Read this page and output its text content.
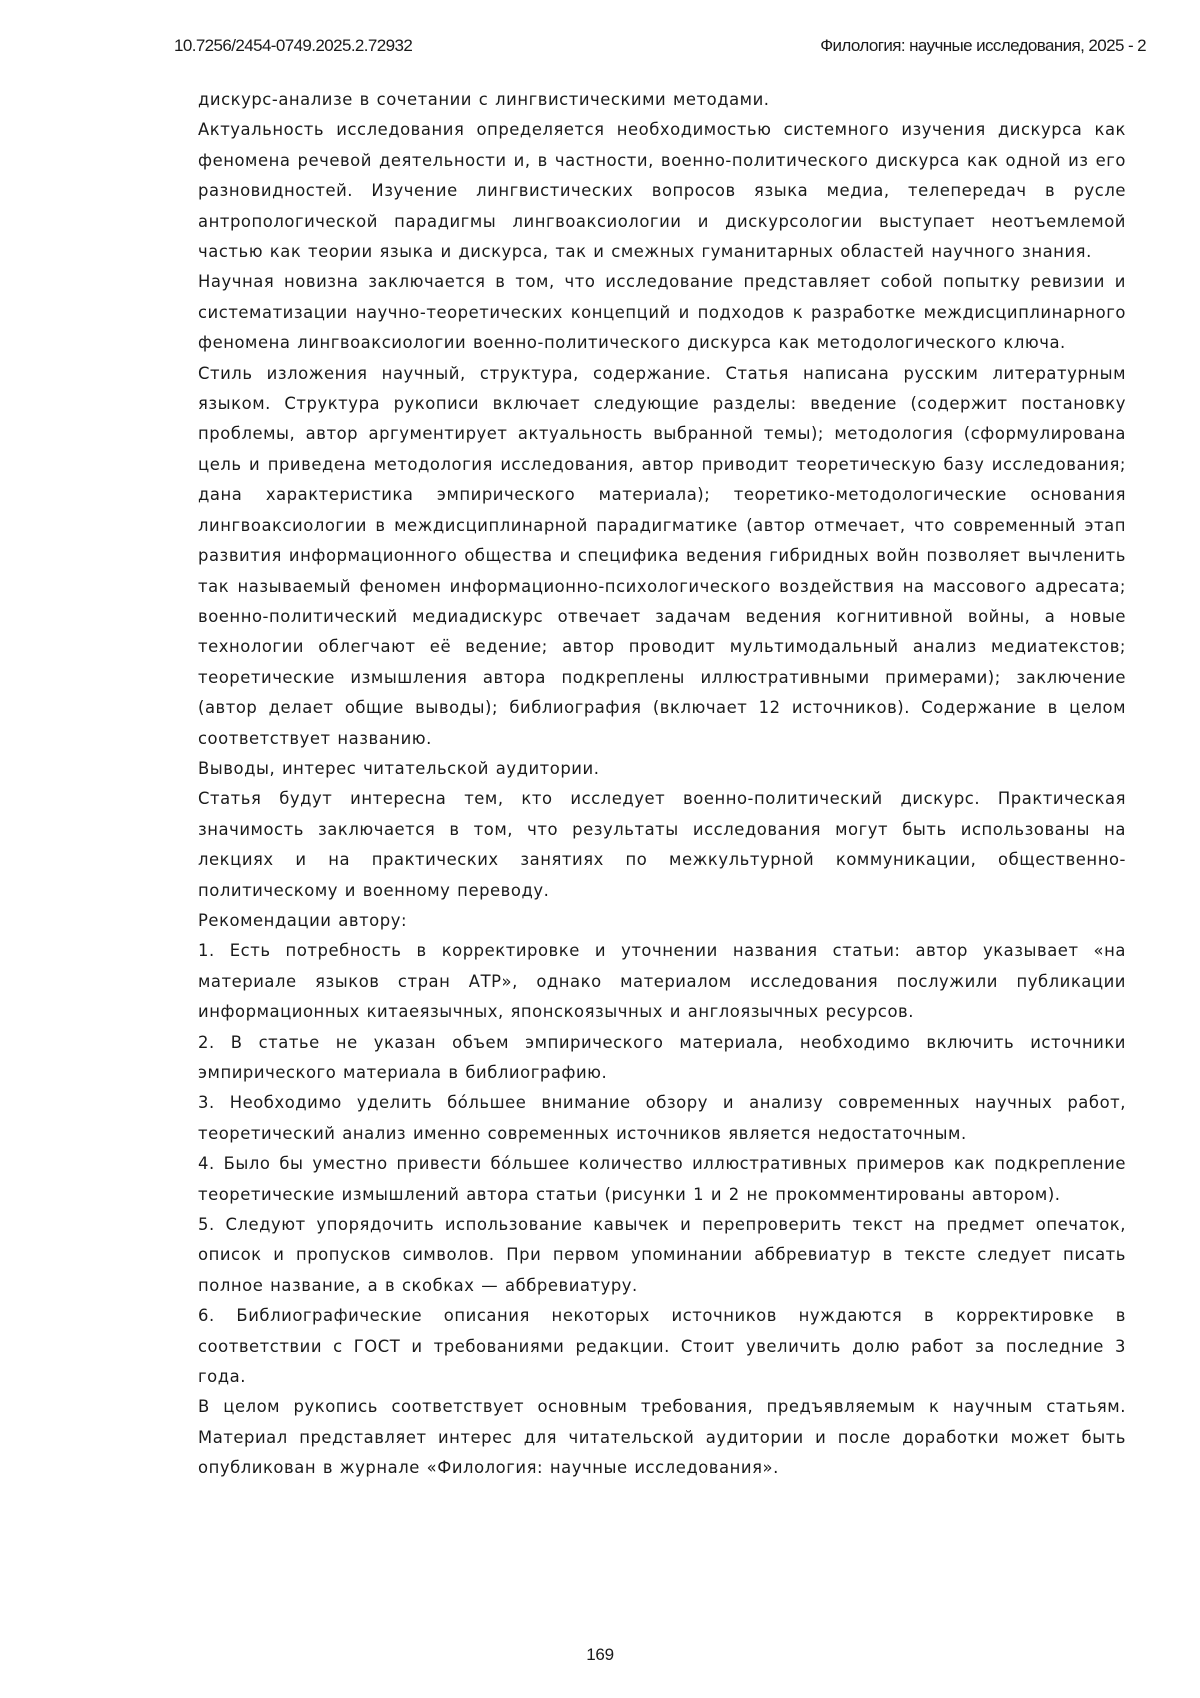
10.7256/2454-0749.2025.2.72932	Филология: научные исследования, 2025 - 2

дискурс-анализе в сочетании с лингвистическими методами.

Актуальность исследования определяется необходимостью системного изучения дискурса как феномена речевой деятельности и, в частности, военно-политического дискурса как одной из его разновидностей. Изучение лингвистических вопросов языка медиа, телепередач в русле антропологической парадигмы лингвоаксиологии и дискурсологии выступает неотъемлемой частью как теории языка и дискурса, так и смежных гуманитарных областей научного знания.

Научная новизна заключается в том, что исследование представляет собой попытку ревизии и систематизации научно-теоретических концепций и подходов к разработке междисциплинарного феномена лингвоаксиологии военно-политического дискурса как методологического ключа.

Стиль изложения научный, структура, содержание. Статья написана русским литературным языком. Структура рукописи включает следующие разделы: введение (содержит постановку проблемы, автор аргументирует актуальность выбранной темы); методология (сформулирована цель и приведена методология исследования, автор приводит теоретическую базу исследования; дана характеристика эмпирического материала); теоретико-методологические основания лингвоаксиологии в междисциплинарной парадигматике (автор отмечает, что современный этап развития информационного общества и специфика ведения гибридных войн позволяет вычленить так называемый феномен информационно-психологического воздействия на массового адресата; военно-политический медиадискурс отвечает задачам ведения когнитивной войны, а новые технологии облегчают её ведение; автор проводит мультимодальный анализ медиатекстов; теоретические измышления автора подкреплены иллюстративными примерами); заключение (автор делает общие выводы); библиография (включает 12 источников). Содержание в целом соответствует названию.

Выводы, интерес читательской аудитории.

Статья будут интересна тем, кто исследует военно-политический дискурс. Практическая значимость заключается в том, что результаты исследования могут быть использованы на лекциях и на практических занятиях по межкультурной коммуникации, общественно-политическому и военному переводу.

Рекомендации автору:

1. Есть потребность в корректировке и уточнении названия статьи: автор указывает «на материале языков стран АТР», однако материалом исследования послужили публикации информационных китаеязычных, японскоязычных и англоязычных ресурсов.

2. В статье не указан объем эмпирического материала, необходимо включить источники эмпирического материала в библиографию.

3. Необходимо уделить бóльшее внимание обзору и анализу современных научных работ, теоретический анализ именно современных источников является недостаточным.

4. Было бы уместно привести бóльшее количество иллюстративных примеров как подкрепление теоретические измышлений автора статьи (рисунки 1 и 2 не прокомментированы автором).

5. Следуют упорядочить использование кавычек и перепроверить текст на предмет опечаток, описок и пропусков символов. При первом упоминании аббревиатур в тексте следует писать полное название, а в скобках — аббревиатуру.

6. Библиографические описания некоторых источников нуждаются в корректировке в соответствии с ГОСТ и требованиями редакции. Стоит увеличить долю работ за последние 3 года.

В целом рукопись соответствует основным требования, предъявляемым к научным статьям. Материал представляет интерес для читательской аудитории и после доработки может быть опубликован в журнале «Филология: научные исследования».

169
